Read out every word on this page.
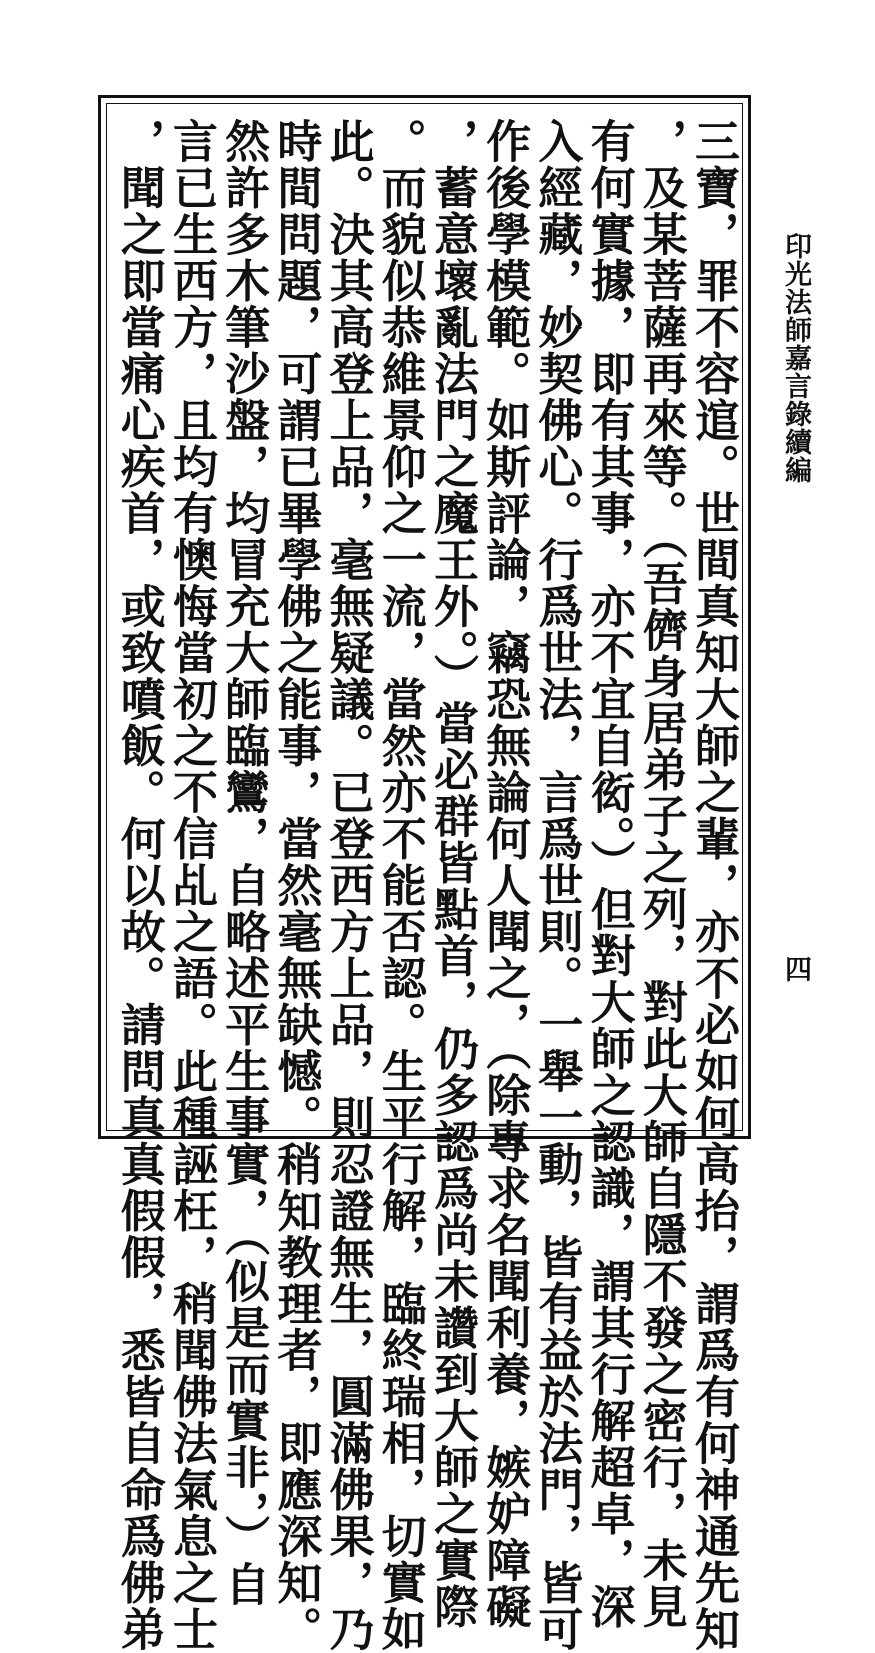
三寶，罪不容逭。世間真知大師之輩，亦不必如何高抬，謂爲有何神通先知
，及某菩薩再來等。（吾儕身居弟子之列，對此大師自隱不發之密行，未見
有何實據，即有其事，亦不宜自衒。）但對大師之認識，謂其行解超卓，深
入經藏，妙契佛心。行爲世法，言爲世則。一舉一動，皆有益於法門，皆可
作後學模範。如斯評論，竊恐無論何人聞之，（除專求名聞利養，嫉妒障礙
，蓄意壞亂法門之魔王外。）當必群皆點首，仍多認爲尚未讚到大師之實際
。而貌似恭維景仰之一流，當然亦不能否認。生平行解，臨終瑞相，切實如
此。決其高登上品，毫無疑議。已登西方上品，則忍證無生，圓滿佛果，乃
時間問題，可謂已畢學佛之能事，當然毫無缺憾。稍知教理者，即應深知。
然許多木筆沙盤，均冒充大師臨鸞，自略述平生事實，（似是而實非，）自
言已生西方，且均有懊悔當初之不信乩之語。此種誣枉，稍聞佛法氣息之士
，聞之即當痛心疾首，或致噴飯。何以故。請問真真假假，悉皆自命爲佛弟	印光法師嘉言錄續編
四
